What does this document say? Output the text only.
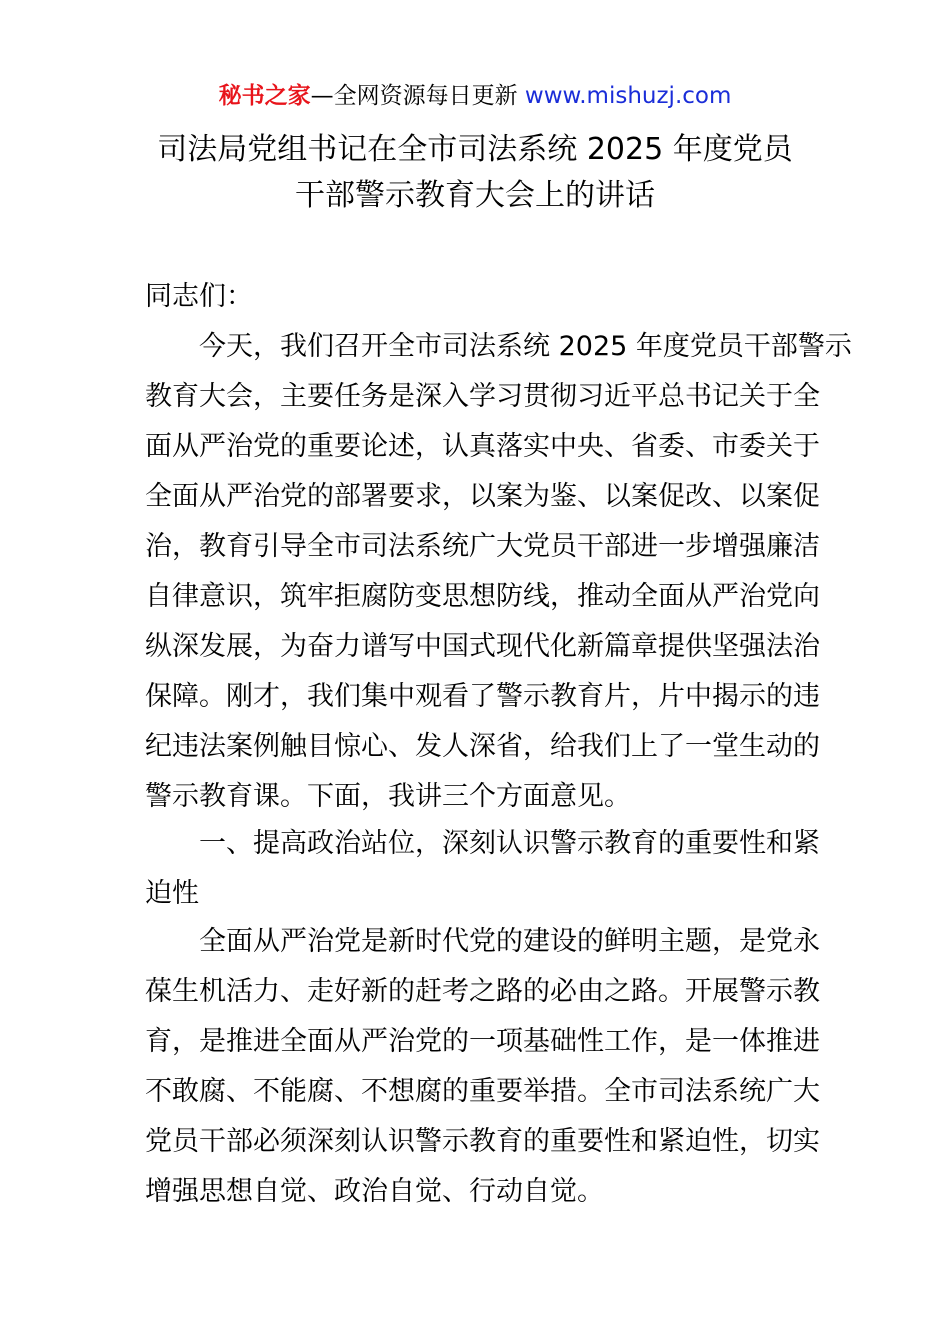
秘书之家—全网资源每日更新 www.mishuzj.com
司法局党组书记在全市司法系统 2025 年度党员
干部警示教育大会上的讲话
同志们：
今天，我们召开全市司法系统 2025 年度党员干部警示
教育大会，主要任务是深入学习贯彻习近平总书记关于全
面从严治党的重要论述，认真落实中央、省委、市委关于
全面从严治党的部署要求，以案为鉴、以案促改、以案促
治，教育引导全市司法系统广大党员干部进一步增强廉洁
自律意识，筑牢拒腐防变思想防线，推动全面从严治党向
纵深发展，为奋力谱写中国式现代化新篇章提供坚强法治
保障。刚才，我们集中观看了警示教育片，片中揭示的违
纪违法案例触目惊心、发人深省，给我们上了一堂生动的
警示教育课。下面，我讲三个方面意见。
一、提高政治站位，深刻认识警示教育的重要性和紧
迫性
全面从严治党是新时代党的建设的鲜明主题，是党永
葆生机活力、走好新的赶考之路的必由之路。开展警示教
育，是推进全面从严治党的一项基础性工作，是一体推进
不敢腐、不能腐、不想腐的重要举措。全市司法系统广大
党员干部必须深刻认识警示教育的重要性和紧迫性，切实
增强思想自觉、政治自觉、行动自觉。
